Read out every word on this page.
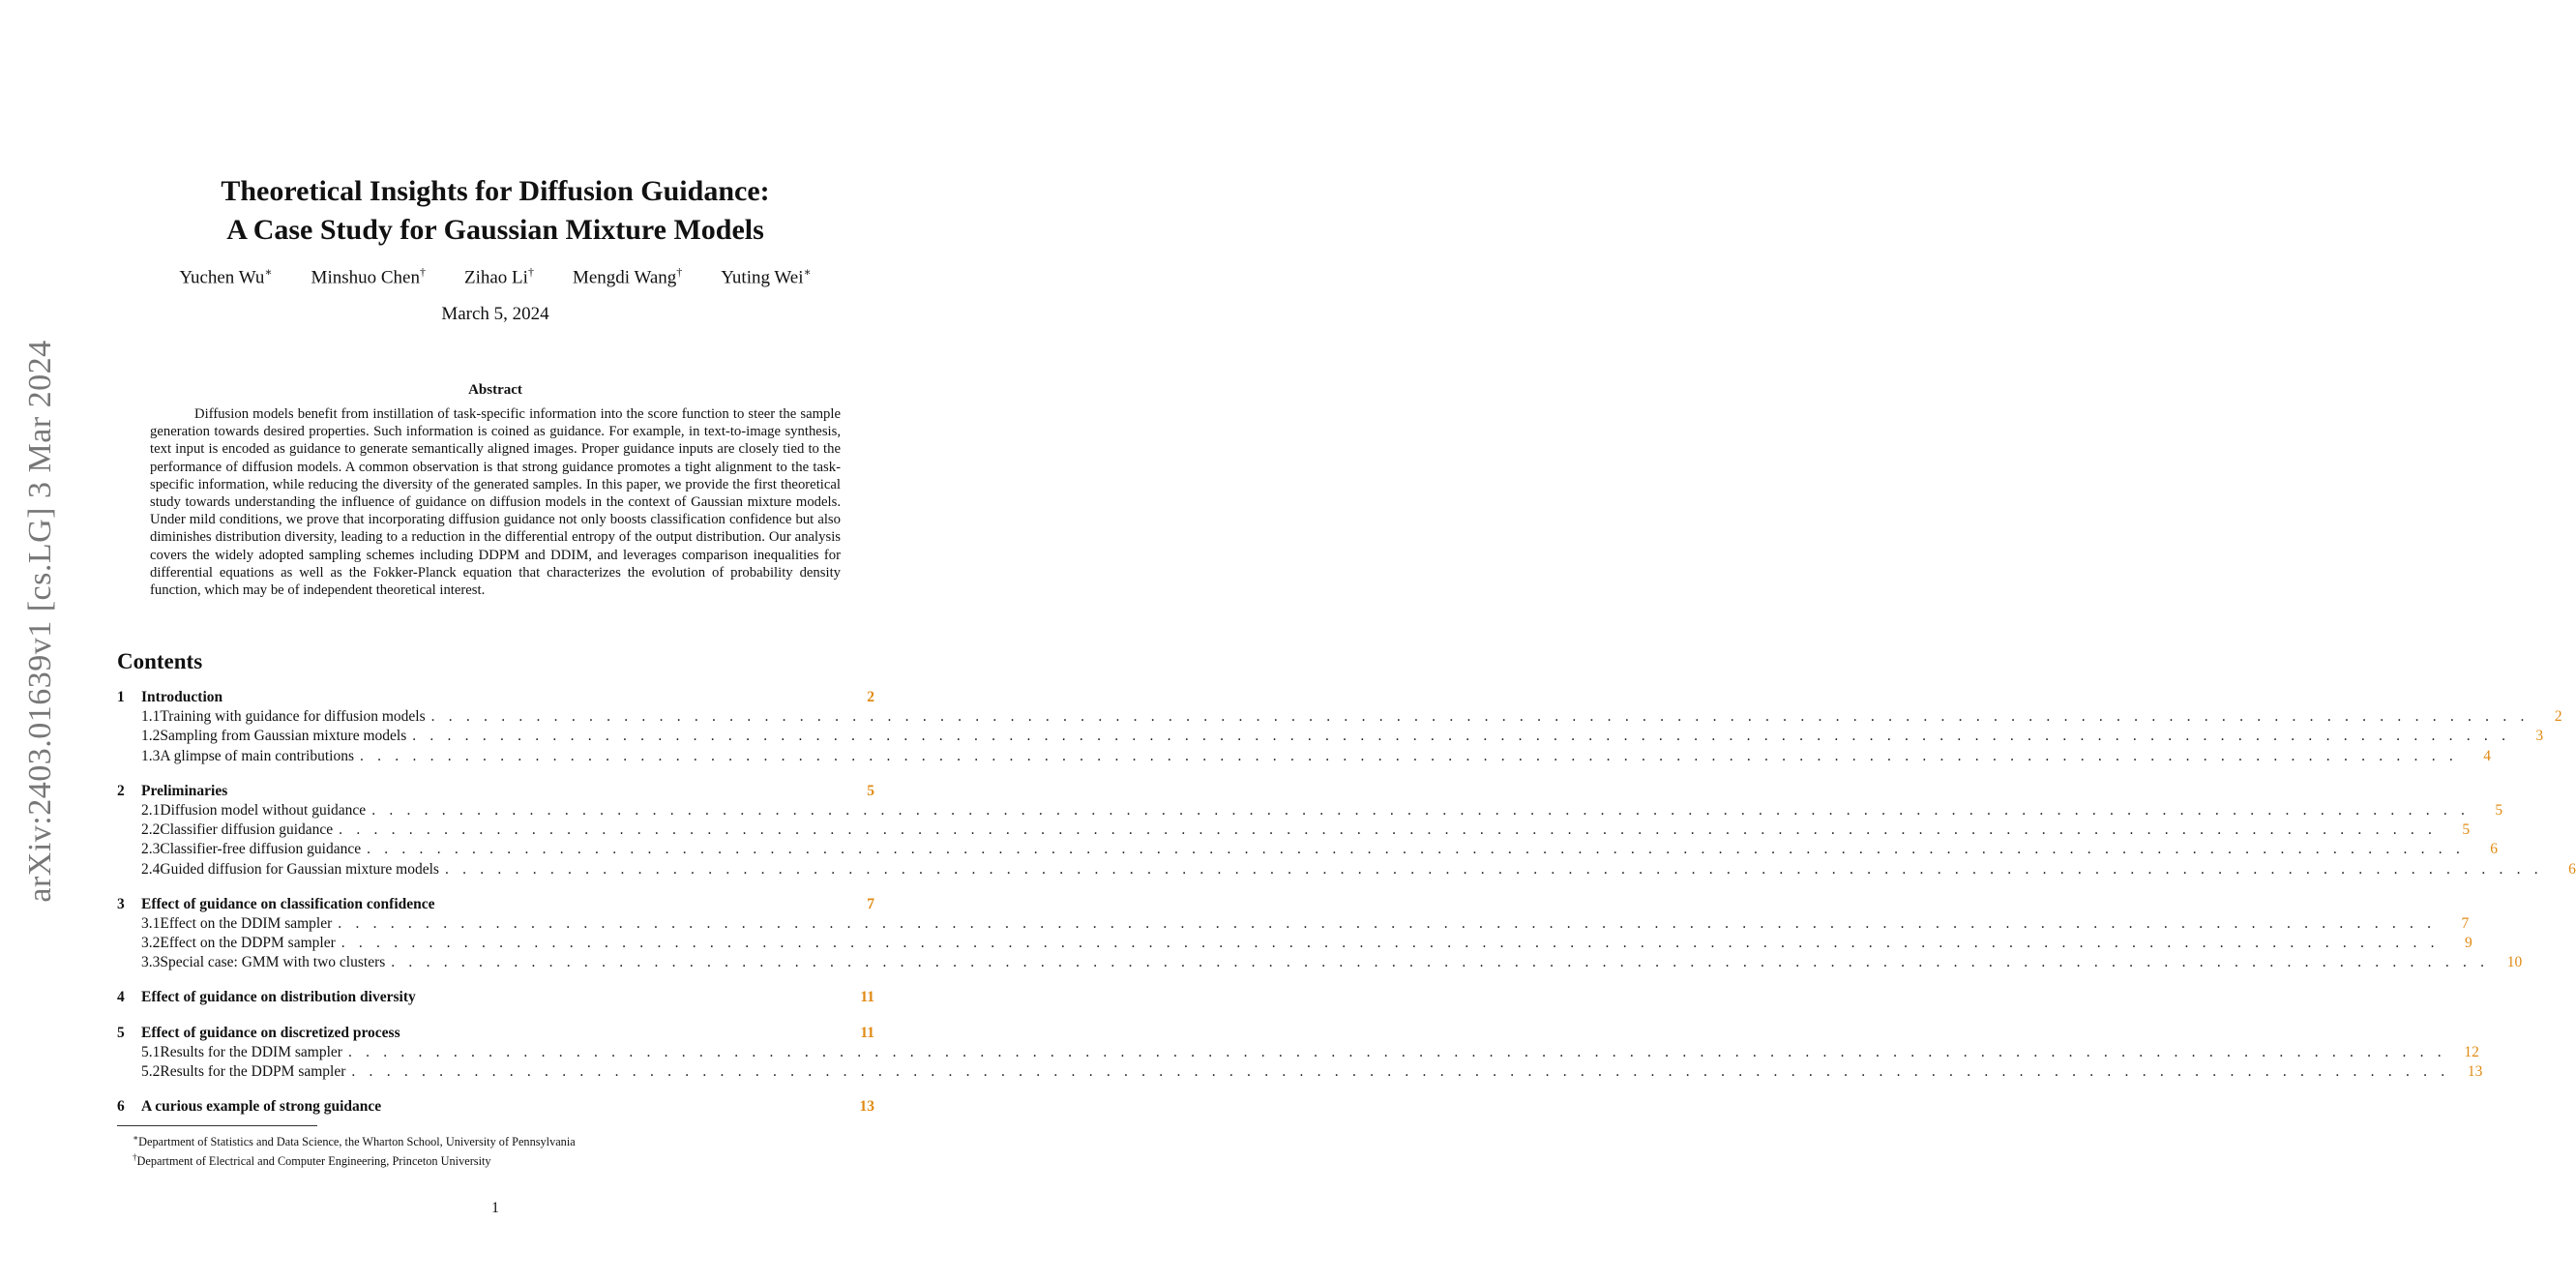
arXiv:2403.01639v1 [cs.LG] 3 Mar 2024
Theoretical Insights for Diffusion Guidance:
A Case Study for Gaussian Mixture Models
Yuchen Wu∗ Minshuo Chen† Zihao Li† Mengdi Wang† Yuting Wei∗
March 5, 2024
Abstract
Diffusion models benefit from instillation of task-specific information into the score function to steer the sample generation towards desired properties. Such information is coined as guidance. For example, in text-to-image synthesis, text input is encoded as guidance to generate semantically aligned images. Proper guidance inputs are closely tied to the performance of diffusion models. A common observation is that strong guidance promotes a tight alignment to the task-specific information, while reducing the diversity of the generated samples. In this paper, we provide the first theoretical study towards understanding the influence of guidance on diffusion models in the context of Gaussian mixture models. Under mild conditions, we prove that incorporating diffusion guidance not only boosts classification confidence but also diminishes distribution diversity, leading to a reduction in the differential entropy of the output distribution. Our analysis covers the widely adopted sampling schemes including DDPM and DDIM, and leverages comparison inequalities for differential equations as well as the Fokker-Planck equation that characterizes the evolution of probability density function, which may be of independent theoretical interest.
Contents
1	Introduction	2
1.1 Training with guidance for diffusion models . . . . . . . . . . . . . . . . . . . . . . . . . . . . . . . . . . . . . . . . . . . . . . . . . . . . . . . . . . . . . . . . . . . . . . . . . . . . . . . . . . . . . . . . . . . . . . . . . . . . . . . . . . . . . . . . . . . . . . . .	2
1.2 Sampling from Gaussian mixture models . . . . . . . . . . . . . . . . . . . . . . . . . . . . . . . . . . . . . . . . . . . . . . . . . . . . . . . . . . . . . . . . . . . . . . . . . . . . . . . . . . . . . . . . . . . . . . . . . . . . . . . . . . . . . . . . . . . . . . . .	3
1.3 A glimpse of main contributions . . . . . . . . . . . . . . . . . . . . . . . . . . . . . . . . . . . . . . . . . . . . . . . . . . . . . . . . . . . . . . . . . . . . . . . . . . . . . . . . . . . . . . . . . . . . . . . . . . . . . . . . . . . . . . . . . . . . . . . .	4
2	Preliminaries	5
2.1 Diffusion model without guidance . . . . . . . . . . . . . . . . . . . . . . . . . . . . . . . . . . . . . . . . . . . . . . . . . . . . . . . . . . . . . . . . . . . . . . . . . . . . . . . . . . . . . . . . . . . . . . . . . . . . . . . . . . . . . . . . . . . . . . . .	5
2.2 Classifier diffusion guidance . . . . . . . . . . . . . . . . . . . . . . . . . . . . . . . . . . . . . . . . . . . . . . . . . . . . . . . . . . . . . . . . . . . . . . . . . . . . . . . . . . . . . . . . . . . . . . . . . . . . . . . . . . . . . . . . . . . . . . . .	5
2.3 Classifier-free diffusion guidance . . . . . . . . . . . . . . . . . . . . . . . . . . . . . . . . . . . . . . . . . . . . . . . . . . . . . . . . . . . . . . . . . . . . . . . . . . . . . . . . . . . . . . . . . . . . . . . . . . . . . . . . . . . . . . . . . . . . . . . .	6
2.4 Guided diffusion for Gaussian mixture models . . . . . . . . . . . . . . . . . . . . . . . . . . . . . . . . . . . . . . . . . . . . . . . . . . . . . . . . . . . . . . . . . . . . . . . . . . . . . . . . . . . . . . . . . . . . . . . . . . . . . . . . . . . . . . . . . . . . . . . .	6
3	Effect of guidance on classification confidence	7
3.1 Effect on the DDIM sampler . . . . . . . . . . . . . . . . . . . . . . . . . . . . . . . . . . . . . . . . . . . . . . . . . . . . . . . . . . . . . . . . . . . . . . . . . . . . . . . . . . . . . . . . . . . . . . . . . . . . . . . . . . . . . . . . . . . . . . . .	7
3.2 Effect on the DDPM sampler . . . . . . . . . . . . . . . . . . . . . . . . . . . . . . . . . . . . . . . . . . . . . . . . . . . . . . . . . . . . . . . . . . . . . . . . . . . . . . . . . . . . . . . . . . . . . . . . . . . . . . . . . . . . . . . . . . . . . . . .	9
3.3 Special case: GMM with two clusters . . . . . . . . . . . . . . . . . . . . . . . . . . . . . . . . . . . . . . . . . . . . . . . . . . . . . . . . . . . . . . . . . . . . . . . . . . . . . . . . . . . . . . . . . . . . . . . . . . . . . . . . . . . . . . . . . . . . . . . . 10
4	Effect of guidance on distribution diversity	11
5	Effect of guidance on discretized process	11
5.1 Results for the DDIM sampler . . . . . . . . . . . . . . . . . . . . . . . . . . . . . . . . . . . . . . . . . . . . . . . . . . . . . . . . . . . . . . . . . . . . . . . . . . . . . . . . . . . . . . . . . . . . . . . . . . . . . . . . . . . . . . . . . . . . . . . . 12
5.2 Results for the DDPM sampler . . . . . . . . . . . . . . . . . . . . . . . . . . . . . . . . . . . . . . . . . . . . . . . . . . . . . . . . . . . . . . . . . . . . . . . . . . . . . . . . . . . . . . . . . . . . . . . . . . . . . . . . . . . . . . . . . . . . . . . . 13
6	A curious example of strong guidance	13
∗Department of Statistics and Data Science, the Wharton School, University of Pennsylvania
†Department of Electrical and Computer Engineering, Princeton University
1
